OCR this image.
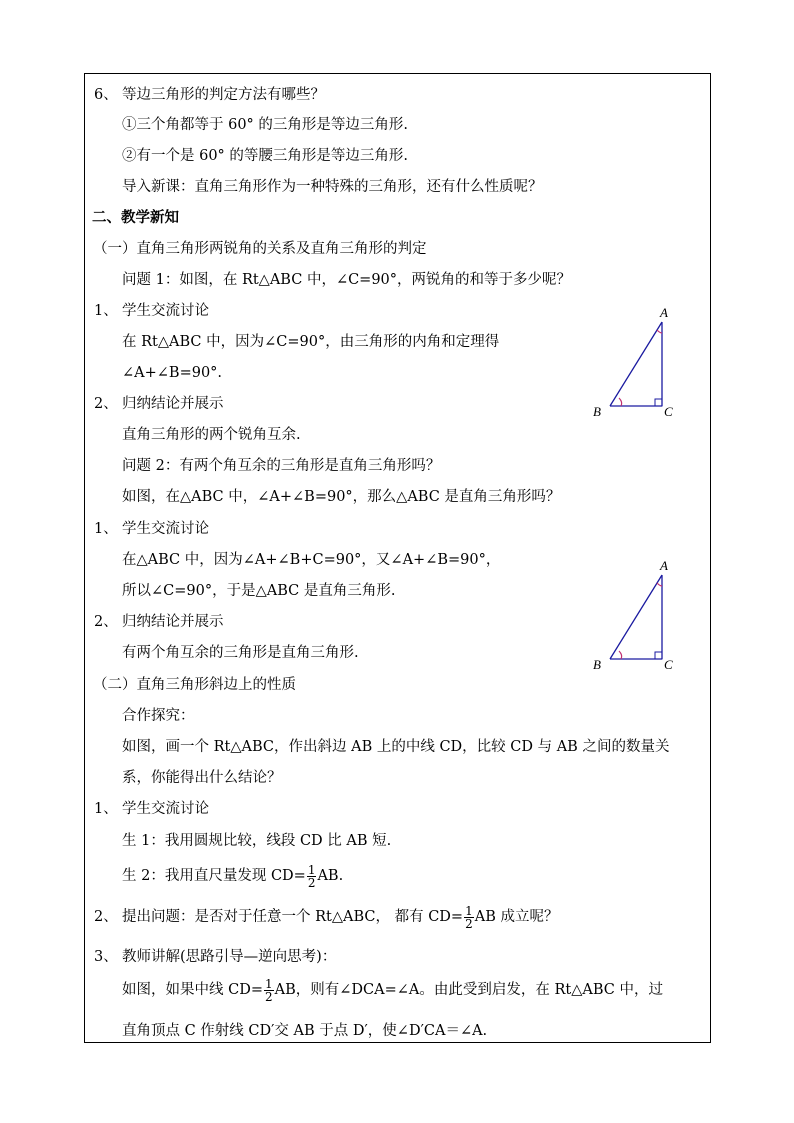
6、 等边三角形的判定方法有哪些？
①三个角都等于 60° 的三角形是等边三角形.
②有一个是 60° 的等腰三角形是等边三角形.
导入新课：直角三角形作为一种特殊的三角形，还有什么性质呢？
二、教学新知
（一）直角三角形两锐角的关系及直角三角形的判定
问题 1：如图，在 Rt△ABC 中，∠C=90°，两锐角的和等于多少呢？
1、 学生交流讨论
在 Rt△ABC 中，因为∠C=90°，由三角形的内角和定理得
∠A+∠B=90°.
2、 归纳结论并展示
直角三角形的两个锐角互余.
问题 2：有两个角互余的三角形是直角三角形吗？
如图，在△ABC 中，∠A+∠B=90°，那么△ABC 是直角三角形吗？
1、 学生交流讨论
在△ABC 中，因为∠A+∠B+C=90°，又∠A+∠B=90°，
所以∠C=90°，于是△ABC 是直角三角形.
2、 归纳结论并展示
有两个角互余的三角形是直角三角形.
（二）直角三角形斜边上的性质
合作探究：
如图，画一个 Rt△ABC，作出斜边 AB 上的中线 CD，比较 CD 与 AB 之间的数量关
系，你能得出什么结论？
1、 学生交流讨论
生 1：我用圆规比较，线段 CD 比 AB 短.
生 2：我用直尺量发现 $CD= \frac{1}{2}$ AB.
2、 提出问题：是否对于任意一个 Rt△ABC， 都有 $CD= \frac{1}{2}$ AB 成立呢？
3、 教师讲解(思路引导—逆向思考)：
如图，如果中线 $CD= \frac{1}{2}$ AB，则有∠DCA=∠A。由此受到启发，在 Rt△ABC 中，过
直角顶点 C 作射线 CD′交 AB 于点 D′，使∠D′CA＝∠A.
A
B	C
A
B	C
